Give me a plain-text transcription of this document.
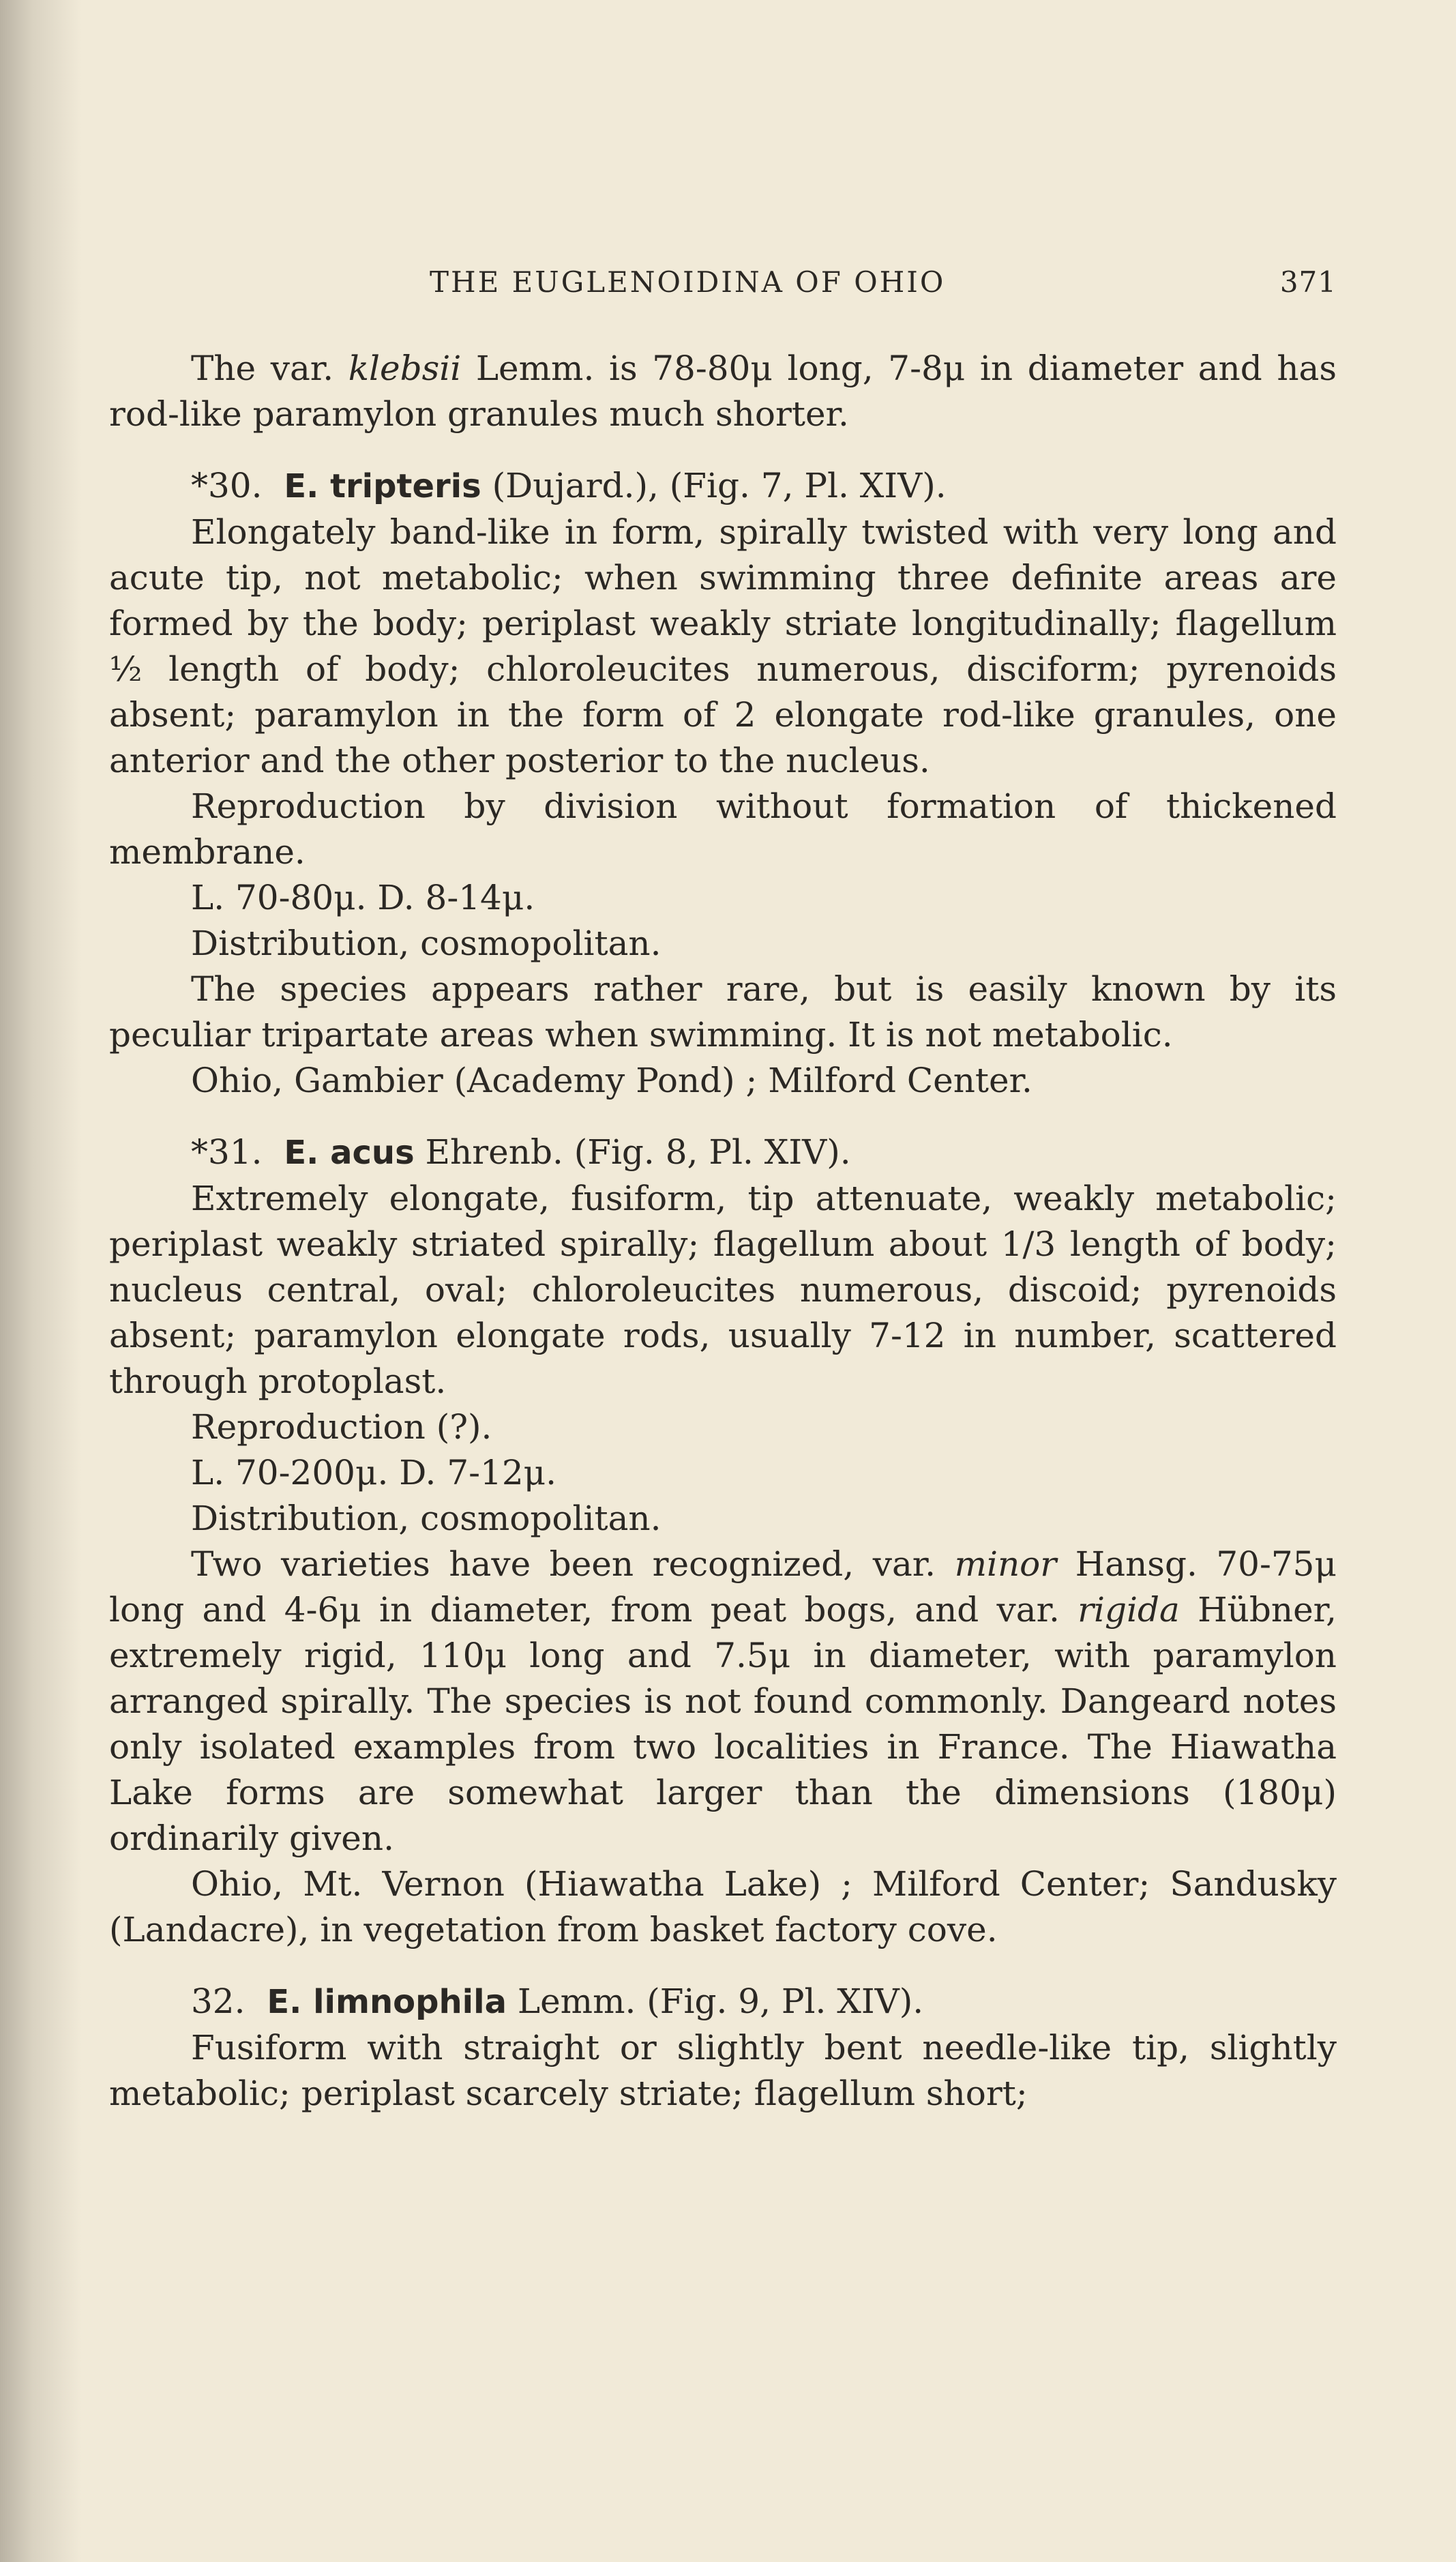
THE EUGLENOIDINA OF OHIO	371

The var. klebsii Lemm. is 78-80μ long, 7-8μ in diameter and has rod-like paramylon granules much shorter.

*30. E. tripteris (Dujard.), (Fig. 7, Pl. XIV).

Elongately band-like in form, spirally twisted with very long and acute tip, not metabolic; when swimming three definite areas are formed by the body; periplast weakly striate longitudinally; flagellum ½ length of body; chloroleucites numerous, disciform; pyrenoids absent; paramylon in the form of 2 elongate rod-like granules, one anterior and the other posterior to the nucleus.

Reproduction by division without formation of thickened membrane.

L. 70-80μ. D. 8-14μ.

Distribution, cosmopolitan.

The species appears rather rare, but is easily known by its peculiar tripartate areas when swimming. It is not metabolic.

Ohio, Gambier (Academy Pond) ; Milford Center.

*31. E. acus Ehrenb. (Fig. 8, Pl. XIV).

Extremely elongate, fusiform, tip attenuate, weakly metabolic; periplast weakly striated spirally; flagellum about 1/3 length of body; nucleus central, oval; chloroleucites numerous, discoid; pyrenoids absent; paramylon elongate rods, usually 7-12 in number, scattered through protoplast.

Reproduction (?).

L. 70-200μ. D. 7-12μ.

Distribution, cosmopolitan.

Two varieties have been recognized, var. minor Hansg. 70-75μ long and 4-6μ in diameter, from peat bogs, and var. rigida Hübner, extremely rigid, 110μ long and 7.5μ in diameter, with paramylon arranged spirally. The species is not found commonly. Dangeard notes only isolated examples from two localities in France. The Hiawatha Lake forms are somewhat larger than the dimensions (180μ) ordinarily given.

Ohio, Mt. Vernon (Hiawatha Lake) ; Milford Center; Sandusky (Landacre), in vegetation from basket factory cove.

32. E. limnophila Lemm. (Fig. 9, Pl. XIV).

Fusiform with straight or slightly bent needle-like tip, slightly metabolic; periplast scarcely striate; flagellum short;
